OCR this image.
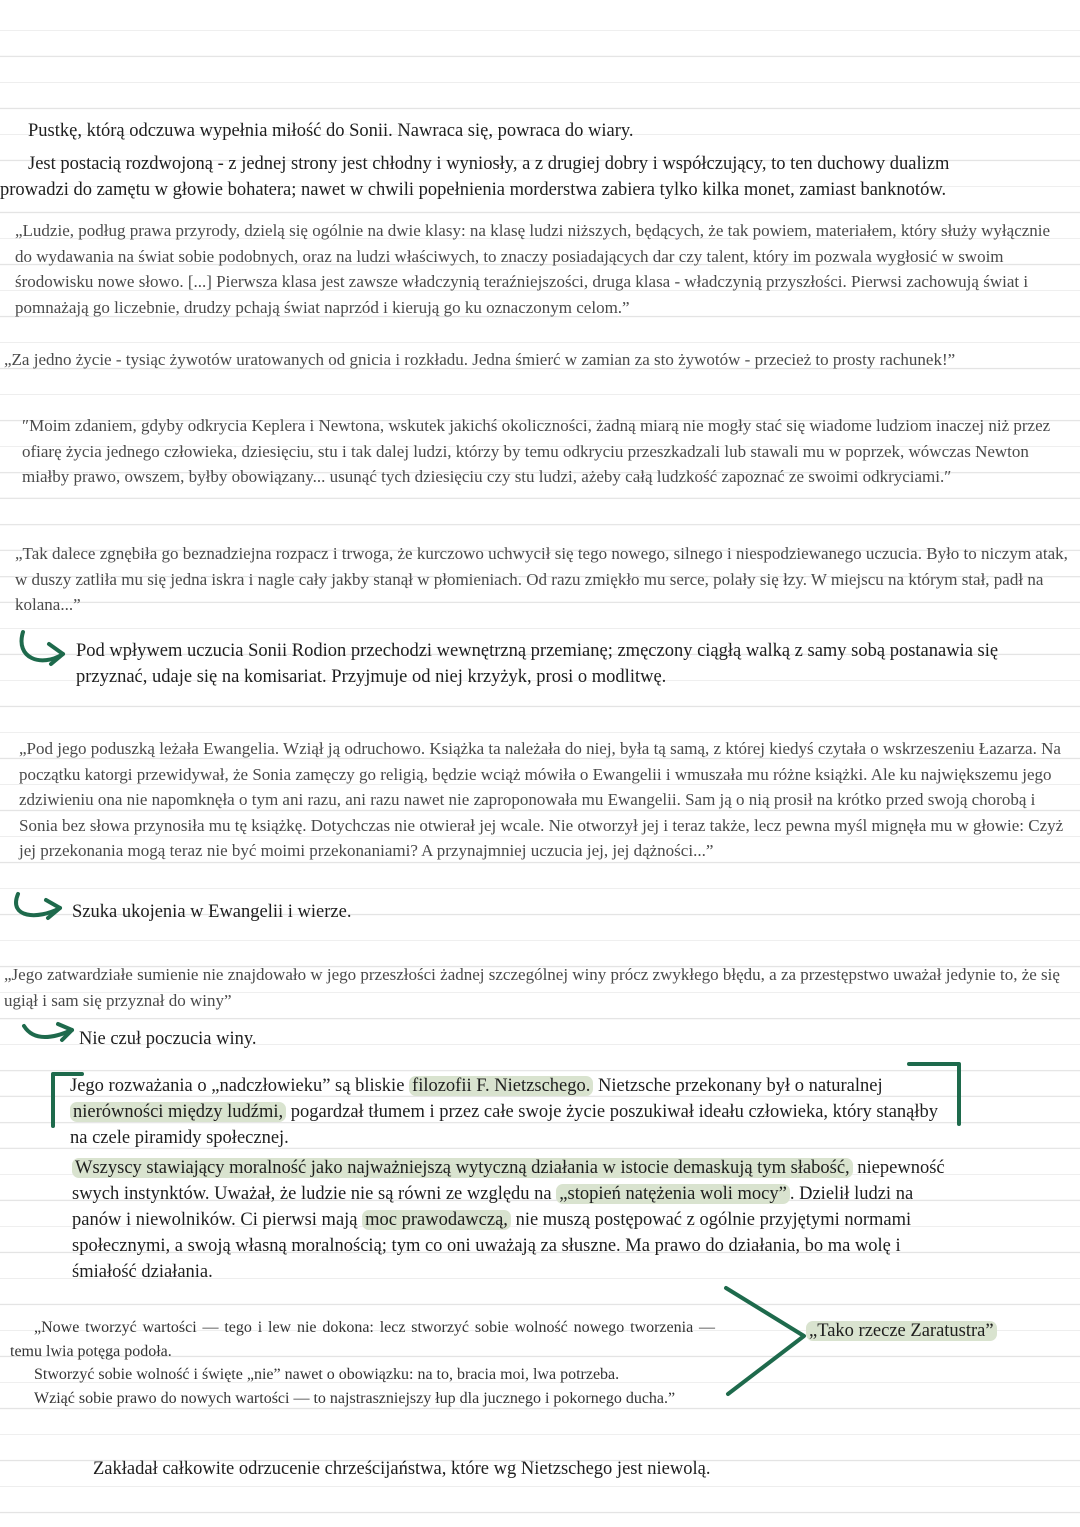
Pustkę, którą odczuwa wypełnia miłość do Sonii. Nawraca się, powraca do wiary.

Jest postacią rozdwojoną - z jednej strony jest chłodny i wyniosły, a z drugiej dobry i współczujący, to ten duchowy dualizm
prowadzi do zamętu w głowie bohatera; nawet w chwili popełnienia morderstwa zabiera tylko kilka monet, zamiast banknotów.

„Ludzie, podług prawa przyrody, dzielą się ogólnie na dwie klasy: na klasę ludzi niższych, będących, że tak powiem, materiałem, który służy wyłącznie do wydawania na świat sobie podobnych, oraz na ludzi właściwych, to znaczy posiadających dar czy talent, który im pozwala wygłosić w swoim środowisku nowe słowo. [...] Pierwsza klasa jest zawsze władczynią teraźniejszości, druga klasa - władczynią przyszłości. Pierwsi zachowują świat i pomnażają go liczebnie, drudzy pchają świat naprzód i kierują go ku oznaczonym celom.”

„Za jedno życie - tysiąc żywotów uratowanych od gnicia i rozkładu. Jedna śmierć w zamian za sto żywotów - przecież to prosty rachunek!”

″Moim zdaniem, gdyby odkrycia Keplera i Newtona, wskutek jakichś okoliczności, żadną miarą nie mogły stać się wiadome ludziom inaczej niż przez ofiarę życia jednego człowieka, dziesięciu, stu i tak dalej ludzi, którzy by temu odkryciu przeszkadzali lub stawali mu w poprzek, wówczas Newton miałby prawo, owszem, byłby obowiązany... usunąć tych dziesięciu czy stu ludzi, ażeby całą ludzkość zapoznać ze swoimi odkryciami.″

„Tak dalece zgnębiła go beznadziejna rozpacz i trwoga, że kurczowo uchwycił się tego nowego, silnego i niespodziewanego uczucia. Było to niczym atak, w duszy zatliła mu się jedna iskra i nagle cały jakby stanął w płomieniach. Od razu zmiękło mu serce, polały się łzy. W miejscu na którym stał, padł na kolana...”

Pod wpływem uczucia Sonii Rodion przechodzi wewnętrzną przemianę; zmęczony ciągłą walką z samy sobą postanawia się przyznać, udaje się na komisariat. Przyjmuje od niej krzyżyk, prosi o modlitwę.

„Pod jego poduszką leżała Ewangelia. Wziął ją odruchowo. Książka ta należała do niej, była tą samą, z której kiedyś czytała o wskrzeszeniu Łazarza. Na początku katorgi przewidywał, że Sonia zamęczy go religią, będzie wciąż mówiła o Ewangelii i wmuszała mu różne książki. Ale ku największemu jego zdziwieniu ona nie napomknęła o tym ani razu, ani razu nawet nie zaproponowała mu Ewangelii. Sam ją o nią prosił na krótko przed swoją chorobą i Sonia bez słowa przynosiła mu tę książkę. Dotychczas nie otwierał jej wcale. Nie otworzył jej i teraz także, lecz pewna myśl mignęła mu w głowie: Czyż jej przekonania mogą teraz nie być moimi przekonaniami? A przynajmniej uczucia jej, jej dążności...”

Szuka ukojenia w Ewangelii i wierze.

„Jego zatwardziałe sumienie nie znajdowało w jego przeszłości żadnej szczególnej winy prócz zwykłego błędu, a za przestępstwo uważał jedynie to, że się ugiął i sam się przyznał do winy”

Nie czuł poczucia winy.

Jego rozważania o „nadczłowieku” są bliskie filozofii F. Nietzschego. Nietzsche przekonany był o naturalnej nierówności między ludźmi, pogardzał tłumem i przez całe swoje życie poszukiwał ideału człowieka, który stanąłby na czele piramidy społecznej.

Wszyscy stawiający moralność jako najważniejszą wytyczną działania w istocie demaskują tym słabość, niepewność swych instynktów. Uważał, że ludzie nie są równi ze względu na „stopień natężenia woli mocy” . Dzielił ludzi na panów i niewolników. Ci pierwsi mają moc prawodawczą, nie muszą postępować z ogólnie przyjętymi normami społecznymi, a swoją własną moralnością; tym co oni uważają za słuszne. Ma prawo do działania, bo ma wolę i śmiałość działania.

„Nowe tworzyć wartości — tego i lew nie dokona: lecz stworzyć sobie wolność nowego tworzenia — temu lwia potęga podoła.
Stworzyć sobie wolność i święte „nie” nawet o obowiązku: na to, bracia moi, lwa potrzeba.
Wziąć sobie prawo do nowych wartości — to najstraszniejszy łup dla jucznego i pokornego ducha.”

„Tako rzecze Zaratustra”

Zakładał całkowite odrzucenie chrześcijaństwa, które wg Nietzschego jest niewolą.
